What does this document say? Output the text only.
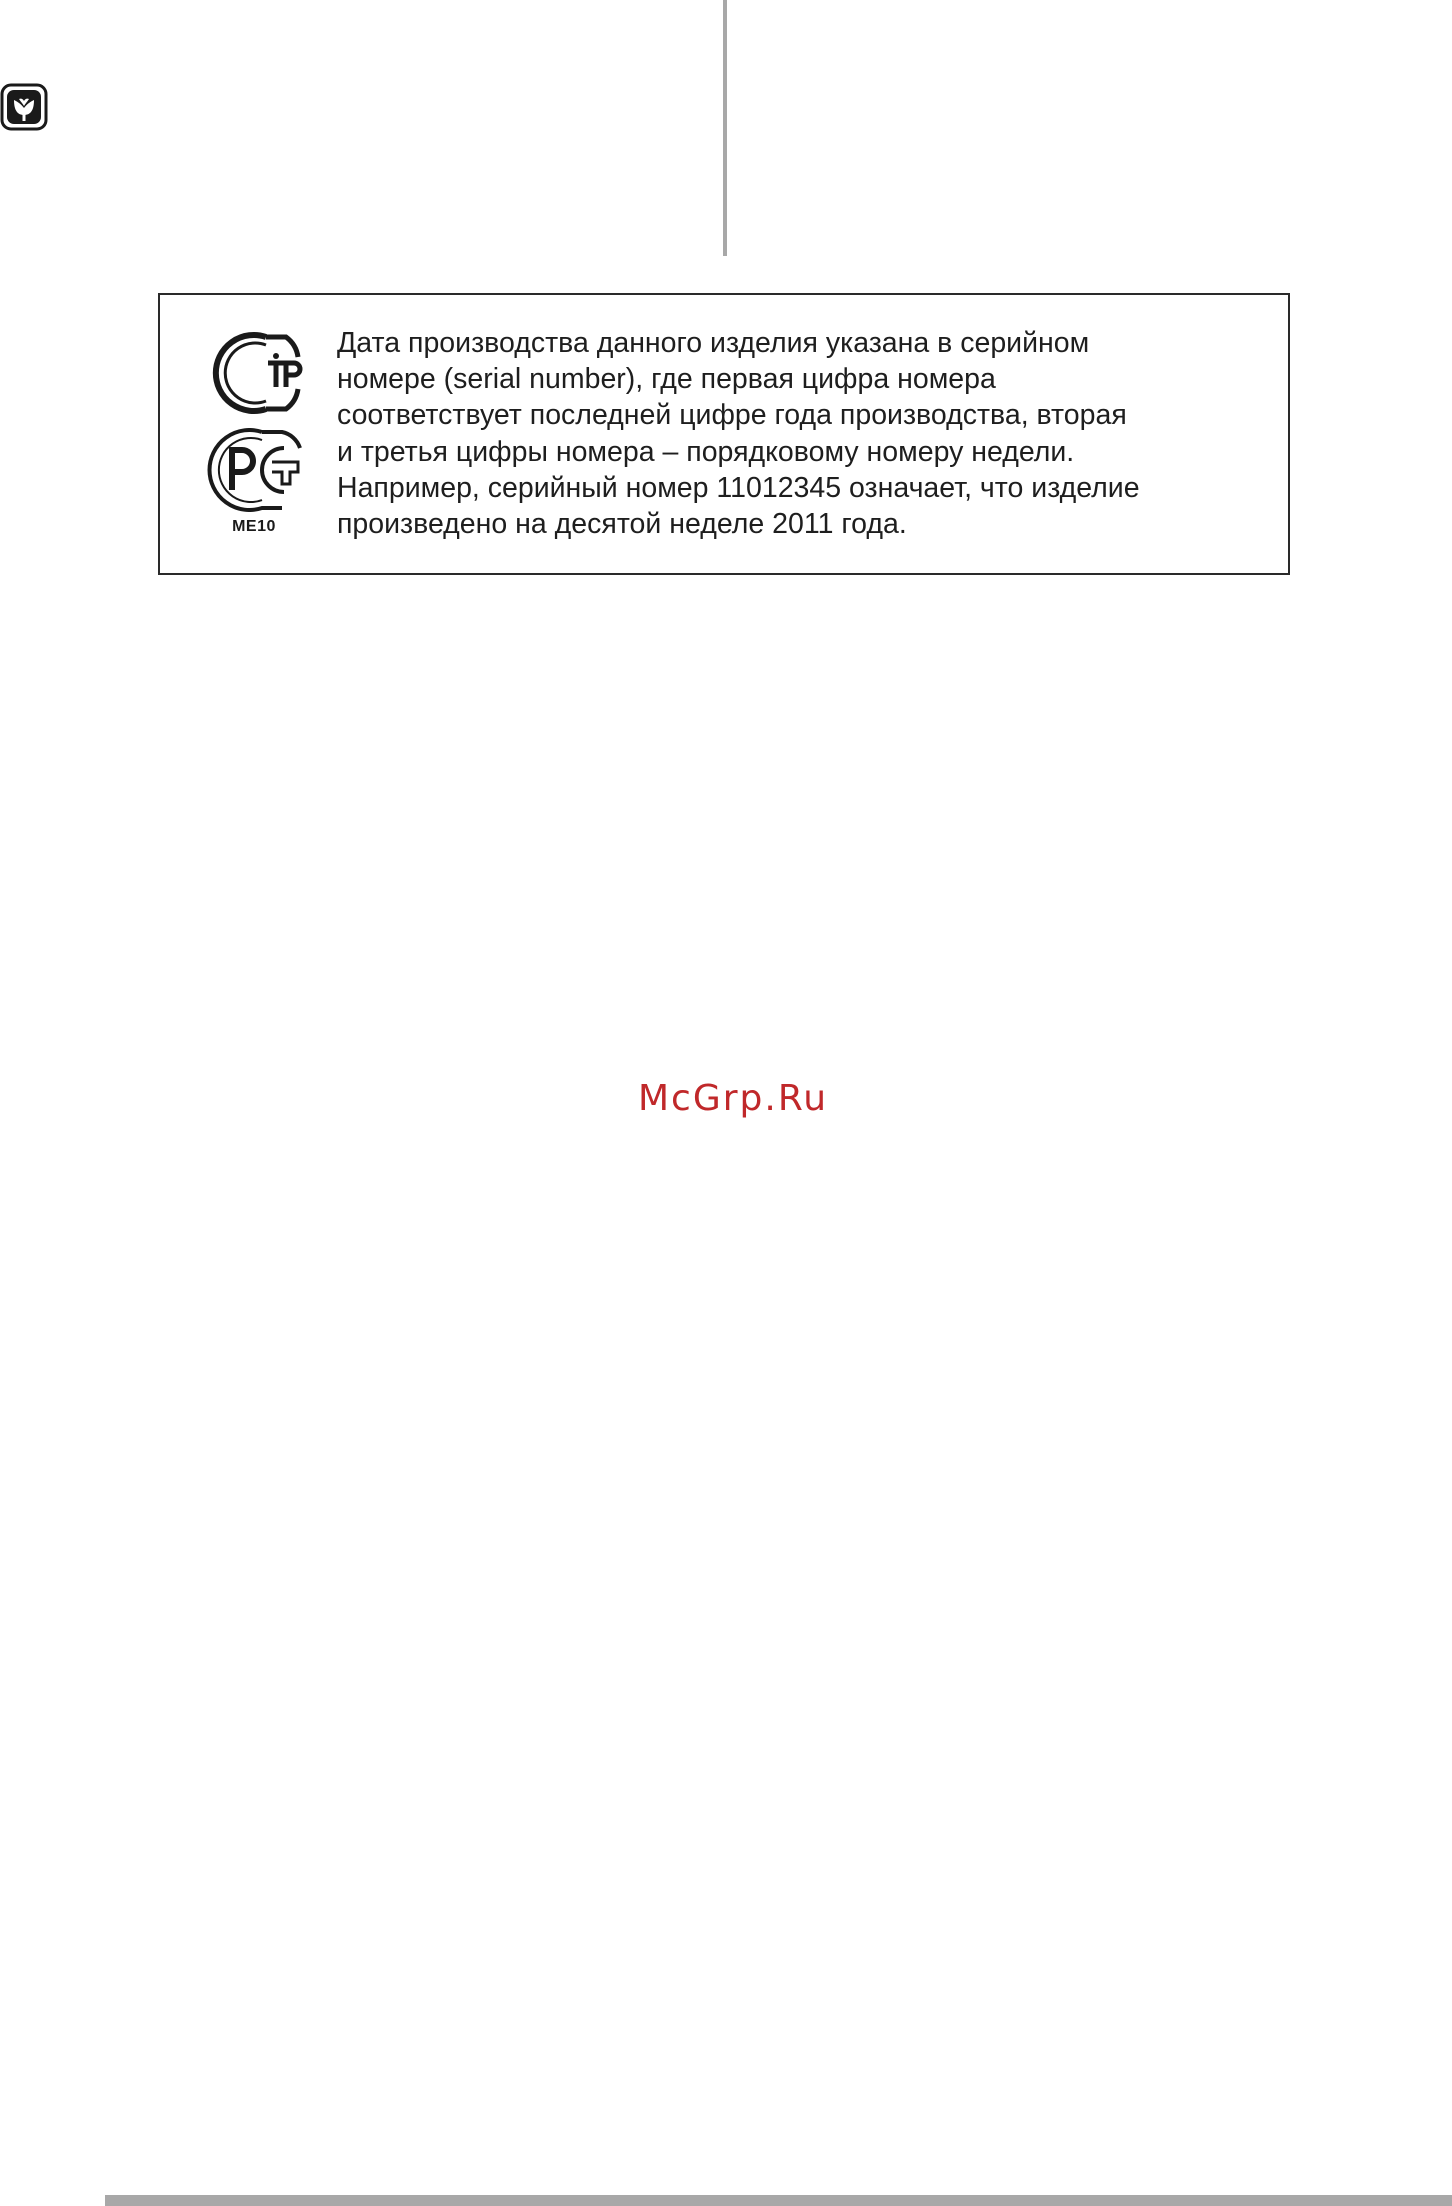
ME10

Дата производства данного изделия указана в серийном
номере (serial number), где первая цифра номера
соответствует последней цифре года производства, вторая
и третья цифры номера – порядковому номеру недели.
Например, серийный номер 11012345 означает, что изделие
произведено на десятой неделе 2011 года.

McGrp.Ru
